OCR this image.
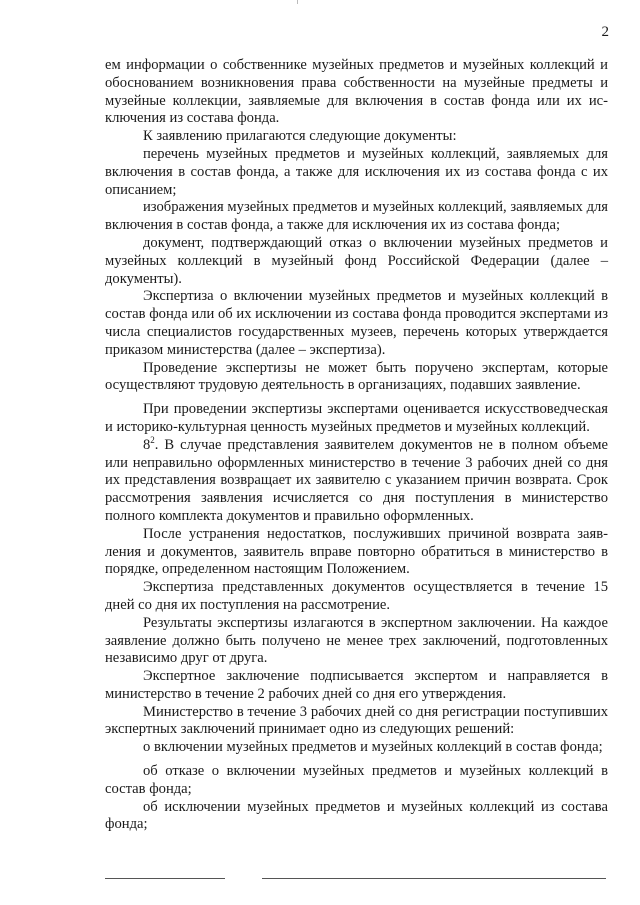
2

ем информации о собственнике музейных предметов и музейных коллекций и обоснованием возникновения права собственности на музейные предметы и музейные коллекции, заявляемые для включения в состав фонда или их исключения из состава фонда.

К заявлению прилагаются следующие документы:

перечень музейных предметов и музейных коллекций, заявляемых для включения в состав фонда, а также для исключения их из состава фонда с их описанием;

изображения музейных предметов и музейных коллекций, заявляемых для включения в состав фонда, а также для исключения их из состава фонда;

документ, подтверждающий отказ о включении музейных предметов и музейных коллекций в музейный фонд Российской Федерации (далее – документы).

Экспертиза о включении музейных предметов и музейных коллекций в состав фонда или об их исключении из состава фонда проводится экспертами из числа специалистов государственных музеев, перечень которых утверждается приказом министерства (далее – экспертиза).

Проведение экспертизы не может быть поручено экспертам, которые осуществляют трудовую деятельность в организациях, подавших заявление.

При проведении экспертизы экспертами оценивается искусствоведческая и историко-культурная ценность музейных предметов и музейных коллекций.

$8^2$. В случае представления заявителем документов не в полном объеме или неправильно оформленных министерство в течение 3 рабочих дней со дня их представления возвращает их заявителю с указанием причин возврата. Срок рассмотрения заявления исчисляется со дня поступления в министерство полного комплекта документов и правильно оформленных.

После устранения недостатков, послуживших причиной возврата заявления и документов, заявитель вправе повторно обратиться в министерство в порядке, определенном настоящим Положением.

Экспертиза представленных документов осуществляется в течение 15 дней со дня их поступления на рассмотрение.

Результаты экспертизы излагаются в экспертном заключении. На каждое заявление должно быть получено не менее трех заключений, подготовленных независимо друг от друга.

Экспертное заключение подписывается экспертом и направляется в министерство в течение 2 рабочих дней со дня его утверждения.

Министерство в течение 3 рабочих дней со дня регистрации поступивших экспертных заключений принимает одно из следующих решений:

о включении музейных предметов и музейных коллекций в состав фонда;

об отказе о включении музейных предметов и музейных коллекций в состав фонда;

об исключении музейных предметов и музейных коллекций из состава фонда;
